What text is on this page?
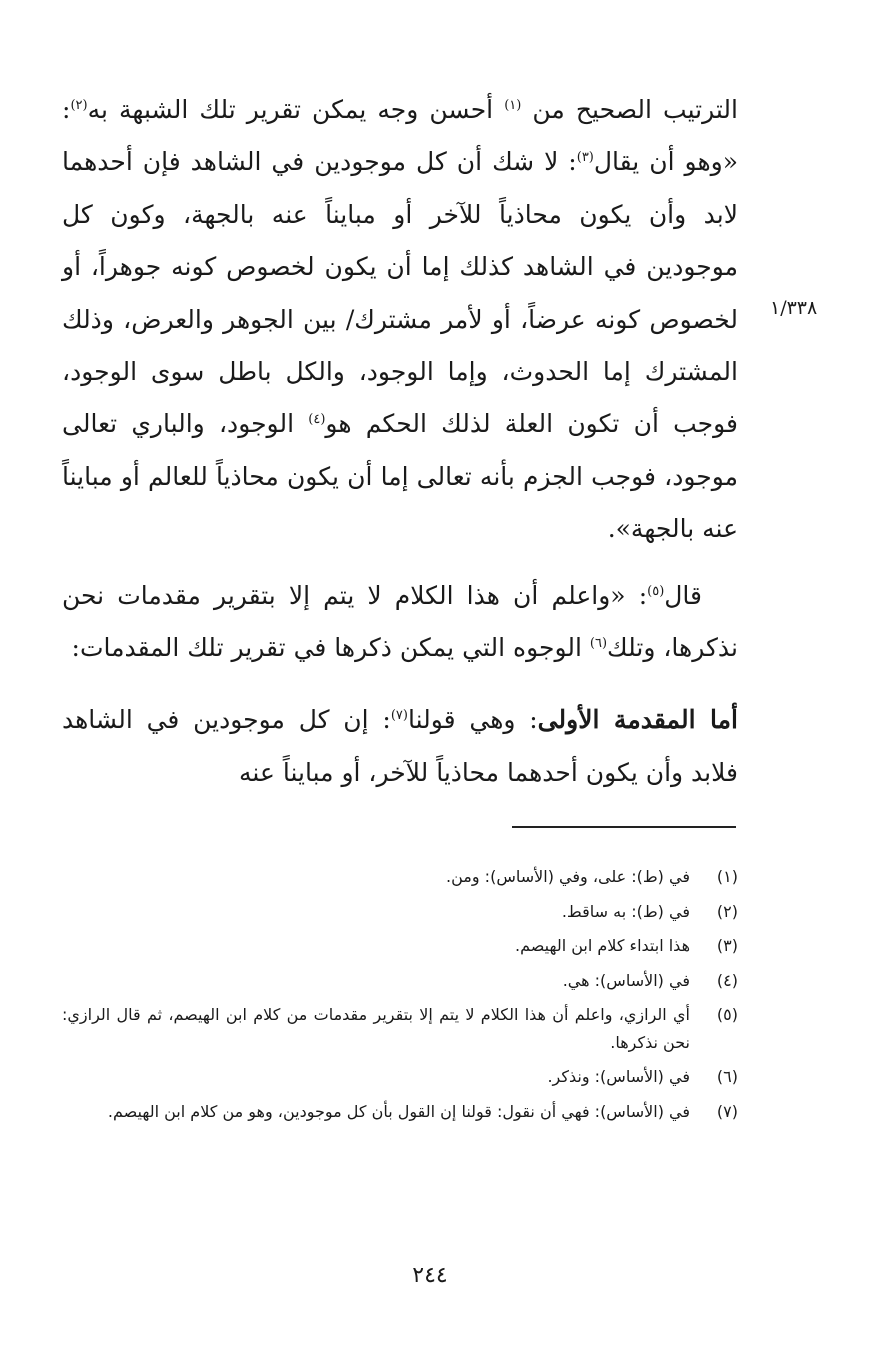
١/٣٣٨

الترتيب الصحيح من $^{(١)}$ أحسن وجه يمكن تقرير تلك الشبهة به$^{(٢)}$: «وهو أن يقال$^{(٣)}$: لا شك أن كل موجودين في الشاهد فإن أحدهما لابد وأن يكون محاذياً للآخر أو مبايناً عنه بالجهة، وكون كل موجودين في الشاهد كذلك إما أن يكون لخصوص كونه جوهراً، أو لخصوص كونه عرضاً، أو لأمر مشترك/ بين الجوهر والعرض، وذلك المشترك إما الحدوث، وإما الوجود، والكل باطل سوى الوجود، فوجب أن تكون العلة لذلك الحكم هو$^{(٤)}$ الوجود، والباري تعالى موجود، فوجب الجزم بأنه تعالى إما أن يكون محاذياً للعالم أو مبايناً عنه بالجهة».

قال$^{(٥)}$: «واعلم أن هذا الكلام لا يتم إلا بتقرير مقدمات نحن نذكرها، وتلك$^{(٦)}$ الوجوه التي يمكن ذكرها في تقرير تلك المقدمات:

أما المقدمة الأولى: وهي قولنا$^{(٧)}$: إن كل موجودين في الشاهد فلابد وأن يكون أحدهما محاذياً للآخر، أو مبايناً عنه

(١)
في (ط): على، وفي (الأساس): ومن.
(٢)
في (ط): به ساقط.
(٣)
هذا ابتداء كلام ابن الهيصم.
(٤)
في (الأساس): هي.
(٥)
أي الرازي، واعلم أن هذا الكلام لا يتم إلا بتقرير مقدمات من كلام ابن الهيصم، ثم قال الرازي: نحن نذكرها.
(٦)
في (الأساس): ونذكر.
(٧)
في (الأساس): فهي أن نقول: قولنا إن القول بأن كل موجودين، وهو من كلام ابن الهيصم.
٢٤٤
